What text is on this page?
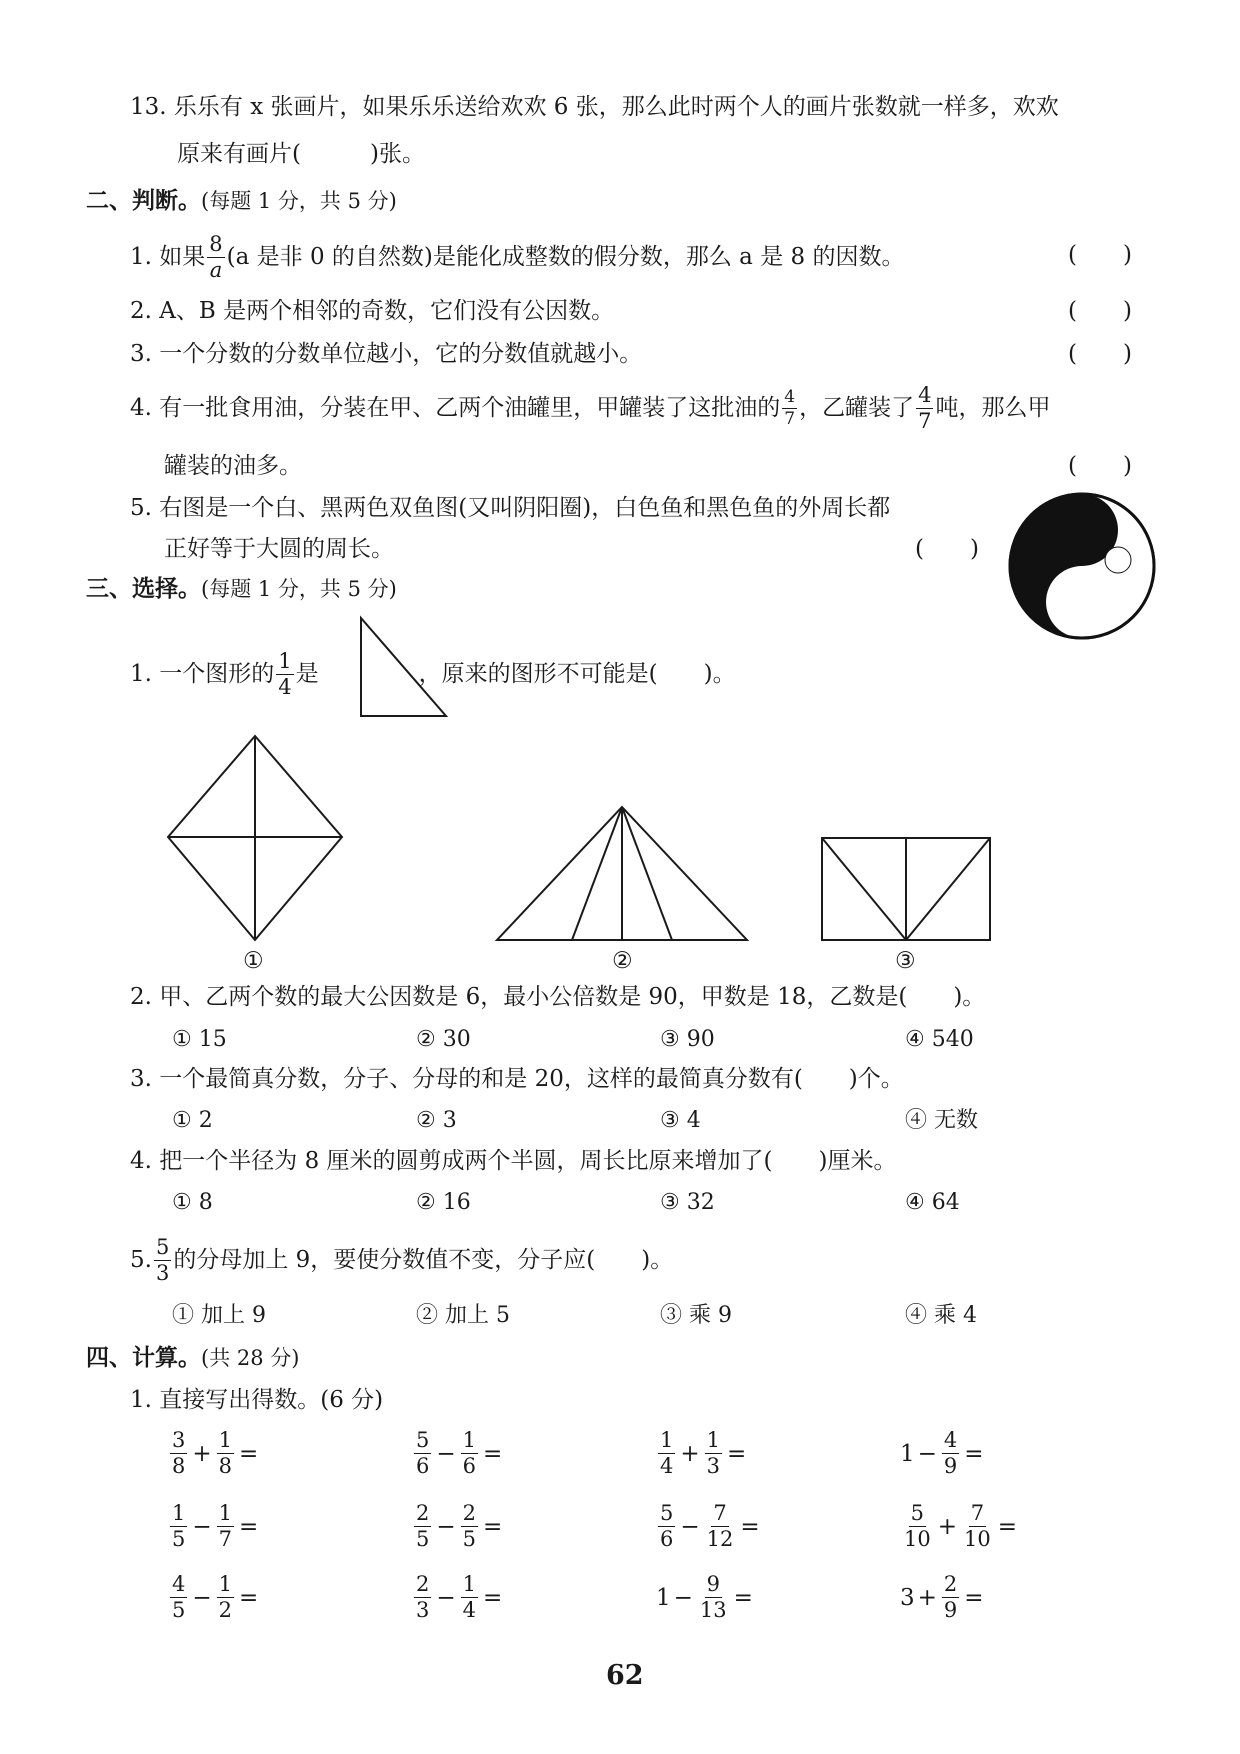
13. 乐乐有 x 张画片，如果乐乐送给欢欢 6 张，那么此时两个人的画片张数就一样多，欢欢
原来有画片(　　　)张。
二、判断。(每题 1 分，共 5 分)
1. 如果 $\frac{8}{a} (a$ 是非 0 的自然数)是能化成整数的假分数，那么 a 是 8 的因数。	(　　)
2. A、B 是两个相邻的奇数，它们没有公因数。	(　　)
3. 一个分数的分数单位越小，它的分数值就越小。	(　　)
4. 有一批食用油，分装在甲、乙两个油罐里，甲罐装了这批油的 $\frac{4}{7}$ ，乙罐装了 $\frac{4}{7}$ 吨，那么甲
罐装的油多。	(　　)
5. 右图是一个白、黑两色双鱼图(又叫阴阳圈)，白色鱼和黑色鱼的外周长都
正好等于大圆的周长。	(　　)
三、选择。(每题 1 分，共 5 分)
1. 一个图形的 $\frac{1}{4}$ 是	，原来的图形不可能是(　　)。
①	②	③
2. 甲、乙两个数的最大公因数是 6，最小公倍数是 90，甲数是 18，乙数是(　　)。
① 15	② 30	③ 90	④ 540
3. 一个最简真分数，分子、分母的和是 20，这样的最简真分数有(　　)个。
① 2	② 3	③ 4	④ 无数
4. 把一个半径为 8 厘米的圆剪成两个半圆，周长比原来增加了(　　)厘米。
① 8	② 16	③ 32	④ 64
5. $\frac{5}{3}$ 的分母加上 9，要使分数值不变，分子应(　　)。
① 加上 9	② 加上 5	③ 乘 9	④ 乘 4
四、计算。(共 28 分)
1. 直接写出得数。(6 分)
$\frac{3}{8} + \frac{1}{8}$ =	$\frac{5}{6} - \frac{1}{6}$ =	$\frac{1}{4} + \frac{1}{3}$ =	$1 - \frac{4}{9}$ =
$\frac{1}{5} - \frac{1}{7}$ =	$\frac{2}{5} - \frac{2}{5}$ =	$\frac{5}{6} - \frac{7}{12}$ =	$\frac{5}{10} + \frac{7}{10}$ =
$\frac{4}{5} - \frac{1}{2}$ =	$\frac{2}{3} - \frac{1}{4}$ =	$1 - \frac{9}{13}$ =	$3 + \frac{2}{9}$ =
62
